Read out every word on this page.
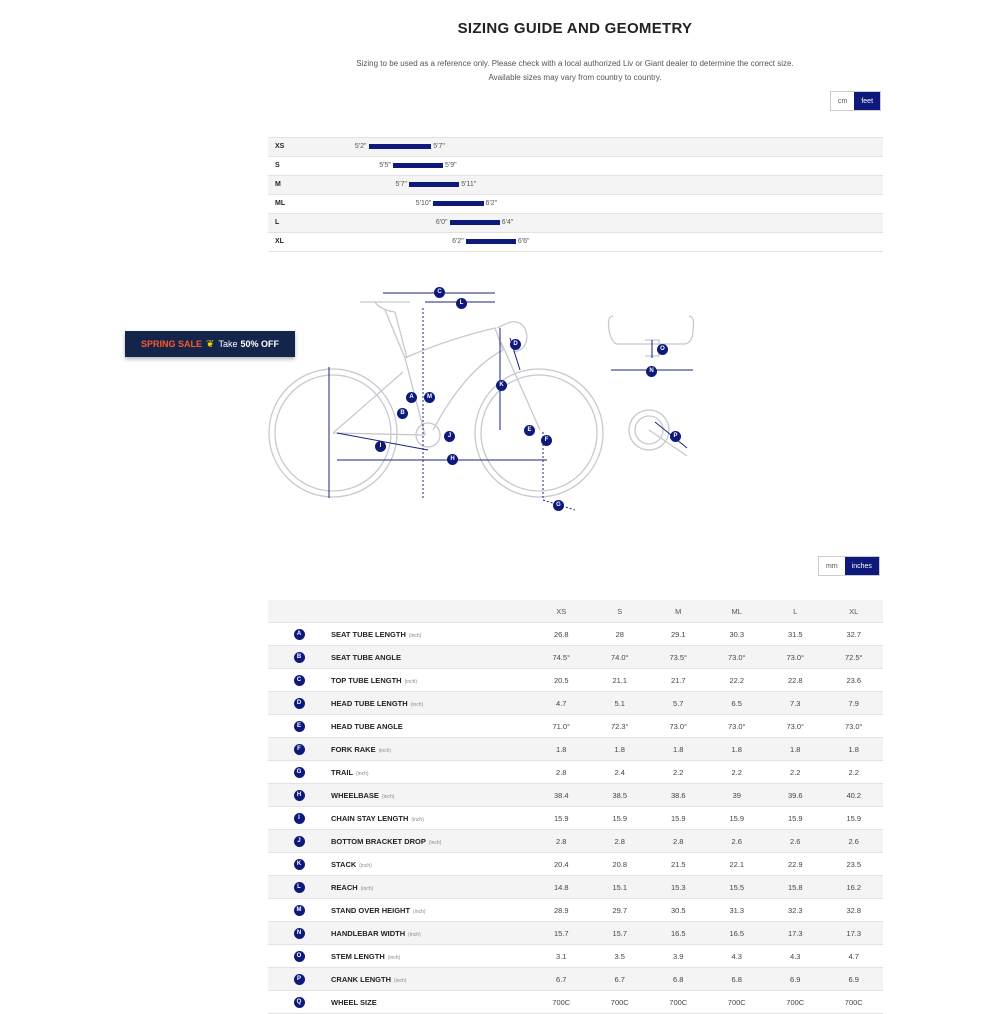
SIZING GUIDE AND GEOMETRY
Sizing to be used as a reference only. Please check with a local authorized Liv or Giant dealer to determine the correct size.
Available sizes may vary from country to country.
cm	feet
XS	5'2"	5'7"
S	5'5"	5'9"
M	5'7"	5'11"
ML	5'10"	6'2"
L	6'0"	6'4"
XL	6'2"	6'6"
SPRING SALE ❦ Take 50% OFF
A
B
C
D
E
F
G
H
I
J
K
L
M
N
O
P
mm	inches
		XS	S	M	ML	L	XL
A	SEAT TUBE LENGTH (inch)	26.8	28	29.1	30.3	31.5	32.7
B	SEAT TUBE ANGLE	74.5°	74.0°	73.5°	73.0°	73.0°	72.5°
C	TOP TUBE LENGTH (inch)	20.5	21.1	21.7	22.2	22.8	23.6
D	HEAD TUBE LENGTH (inch)	4.7	5.1	5.7	6.5	7.3	7.9
E	HEAD TUBE ANGLE	71.0°	72.3°	73.0°	73.0°	73.0°	73.0°
F	FORK RAKE (inch)	1.8	1.8	1.8	1.8	1.8	1.8
G	TRAIL (inch)	2.8	2.4	2.2	2.2	2.2	2.2
H	WHEELBASE (inch)	38.4	38.5	38.6	39	39.6	40.2
I	CHAIN STAY LENGTH (inch)	15.9	15.9	15.9	15.9	15.9	15.9
J	BOTTOM BRACKET DROP (inch)	2.8	2.8	2.8	2.6	2.6	2.6
K	STACK (inch)	20.4	20.8	21.5	22.1	22.9	23.5
L	REACH (inch)	14.8	15.1	15.3	15.5	15.8	16.2
M	STAND OVER HEIGHT (inch)	28.9	29.7	30.5	31.3	32.3	32.8
N	HANDLEBAR WIDTH (inch)	15.7	15.7	16.5	16.5	17.3	17.3
O	STEM LENGTH (inch)	3.1	3.5	3.9	4.3	4.3	4.7
P	CRANK LENGTH (inch)	6.7	6.7	6.8	6.8	6.9	6.9
Q	WHEEL SIZE	700C	700C	700C	700C	700C	700C
